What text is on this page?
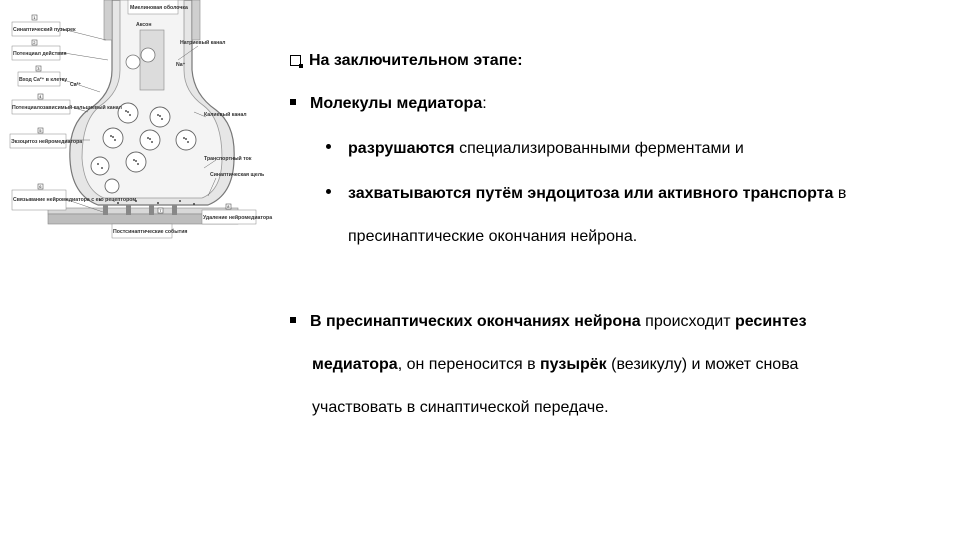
1
2
3
4
5
6
7
8
Миелиновая оболочка
Аксон
Синаптический пузырек
Потенциал действия
Вход Ca²⁺ в клетку
Ca²⁺
Натриевый канал
Na⁺
Потенциалозависимый кальциевый канал
Калиевый канал
Экзоцитоз нейромедиатора
Транспортный ток
Синаптическая щель
Связывание нейромедиатора с его рецептором
Постсинаптические события
Удаление нейромедиатора
На заключительном этапе:
Молекулы медиатора:
разрушаются специализированными ферментами и
захватываются путём эндоцитоза или активного транспорта в
пресинаптические окончания нейрона.
В пресинаптических окончаниях нейрона происходит ресинтез
медиатора, он переносится в пузырёк (везикулу) и может снова
участвовать в синаптической передаче.
